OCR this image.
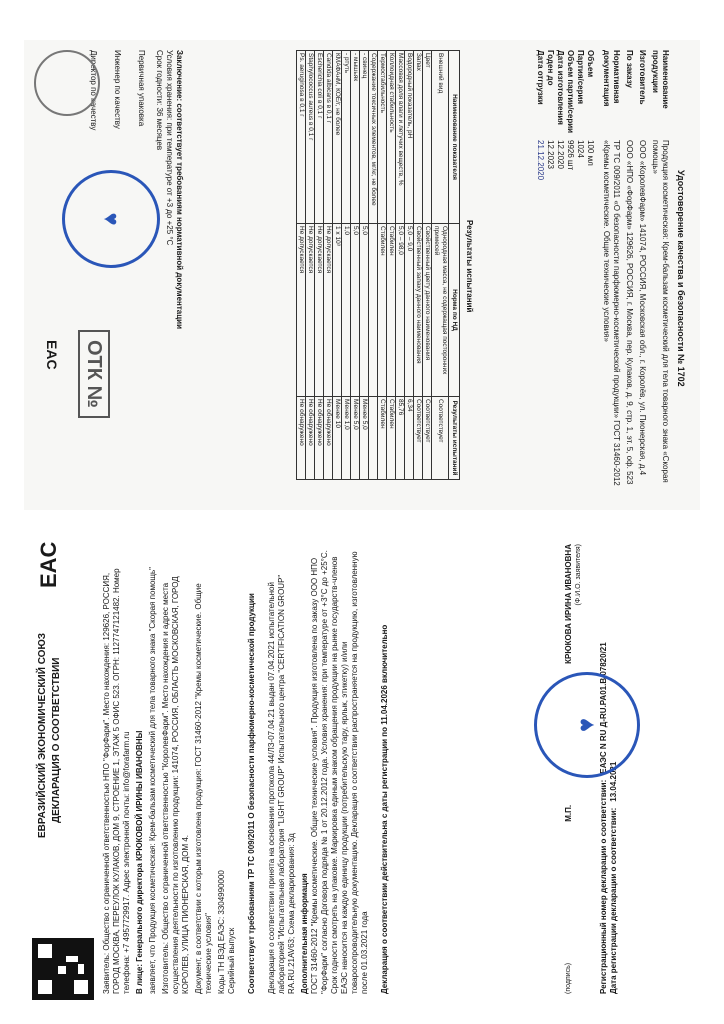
Удостоверение качества и безопасности № 1702
Наименование продукции
Продукция косметическая: Крем-бальзам косметический для тела товарного знака «Скорая помощь»
Изготовитель
ООО «КоролевФарм» 141074, РОССИЯ, Московская обл., г. Королёв, ул. Пионерская, д.4
По заказу
ООО «НПО «ФорФарм» 129626, РОССИЯ, г. Москва, пер. Кулаков, д. 9, стр. 1, эт. 5, оф. 523
Нормативная документация
ТР ТС 009/2011 «О безопасности парфюмерно-косметической продукции» ГОСТ 31460-2012 «Кремы косметические. Общие технические условия»
Объем
100 мл
Партия/серия
1024
Объем партии/серии
9926 шт
Дата изготовления
12.2020
Годен до
12.2023
Дата отгрузки
21.12.2020
Результаты испытаний
Наименование показателя	Норма по НД	Результаты испытаний
Внешний вид	Однородная масса, не содержащая посторонних примесей	Соответствует
Цвет	Свойственный цвету данного наименования	Соответствует
Запах	Свойственный запаху данного наименования	Соответствует
Водородный показатель, pH	5,0 – 9,0	6,34
Массовая доля влаги и летучих веществ, %	5,0 – 98,0	85,76
Коллоидная стабильность	Стабилен	Стабилен
Термостабильность	Стабилен	Стабилен
Содержание токсичных элементов, мг/кг, не более		
- свинец	5,0	Менее 5,0
- мышьяк	5,0	Менее 5,0
- ртуть	1,0	Менее 1,0
КМАФАнМ, КОЕ/г, не более	1 х 10³	Менее 10
Candida albicans в 0,1 г	Не допускается	Не обнаружено
Escherichia coli в 0,1 г	Не допускается	Не обнаружено
Staphylococcus aureus в 0,1 г	Не допускается	Не обнаружено
Ps. aeruginosa в 0,1 г	Не допускается	Не обнаружено
Заключение: соответствует требованиям нормативной документации
Условия хранения: при температуре от +3 до +25 °С
Срок годности: 36 месяцев
Первичная упаковка
Инженер по качеству
Директор по качеству
♥
ОТК №
EAC
ЕВРАЗИЙСКИЙ ЭКОНОМИЧЕСКИЙ СОЮЗ ДЕКЛАРАЦИЯ О СООТВЕТСТВИИ
EAC
Заявитель: Общество с ограниченной ответственностью НПО "ФорФарм". Место нахождения: 129626, РОССИЯ, ГОРОД МОСКВА, ПЕРЕУЛОК КУЛАКОВ, ДОМ 9, СТРОЕНИЕ 1, ЭТАЖ 5 ОФИС 523. ОГРН: 1127747121482. Номер телефона: +7 4957729917. Адрес электронной почты: info@forafarm.ru В лице: Генерального директора КРЮКОВОЙ ИРИНЫ ИВАНОВНЫ заявляет, что Продукция косметическая: Крем-бальзам косметический для тела товарного знака "Скорая помощь" Изготовитель: Общество с ограниченной ответственностью "КоролевФарм". Место нахождения и адрес места осуществления деятельности по изготовлению продукции: 141074, РОССИЯ, ОБЛАСТЬ МОСКОВСКАЯ, ГОРОД КОРОЛЕВ, УЛИЦА ПИОНЕРСКАЯ, ДОМ 4. Документ, в соответствии с которым изготовлена продукция: ГОСТ 31460-2012 "Кремы косметические. Общие технические условия" Коды ТН ВЭД ЕАЭС: 3304990000 Серийный выпуск Соответствует требованиям ТР ТС 009/2011 О безопасности парфюмерно-косметической продукции Декларация о соответствии принята на основании протокола 44/ЛЗ-07.04.21 выдан 07.04.2021 испытательной лабораторией "Испытательная лаборатория "LIGHT GROUP" Испытательного центра "CERTIFICATION GROUP" RA.RU.21AV63; Схема декларирования: 3д Дополнительная информация ГОСТ 31460-2012 "Кремы косметические. Общие технические условия". Продукция изготовлена по заказу ООО НПО "ФорФарм" согласно Договора подряда № 1 от 20.12.2012 года. Условия хранения: при температуре от +3°C до +25°C. Срок годности смотреть на упаковке. Маркировка единым знаком обращения продукции на рынке государств-членов ЕАЭС наносится на каждую единицу продукции (потребительскую тару, ярлык, этикетку) и/или товаросопроводительную документацию. Декларация о соответствии распространяется на продукцию, изготовленную после 01.03.2021 года Декларация о соответствии действительна с даты регистрации по 11.04.2026 включительно	(подпись)
М.П.
КРЮКОВА ИРИНА ИВАНОВНА (Ф.И.О. заявителя)
Регистрационный номер декларации о соответствии:
ЕАЭС N RU Д-RU.РА01.В.07820/21
Дата регистрации декларации о соответствии:
13.04.2021
♥
